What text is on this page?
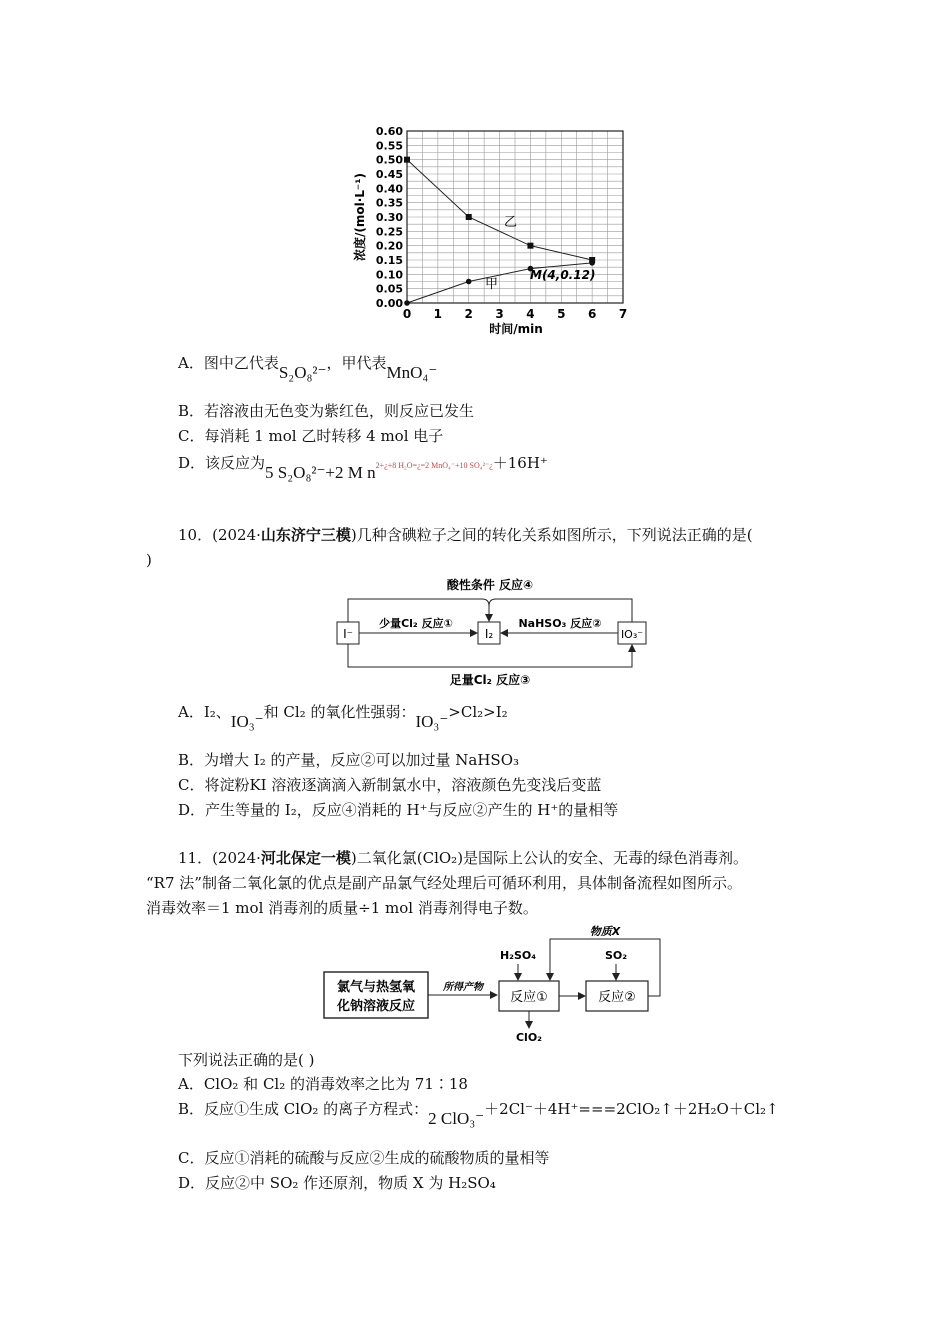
0 1 2 3 4 5 6 7
0.00
0.05
0.10
0.15
0.20
0.25
0.30
0.35
0.40
0.45
0.50
0.55
0.60
浓度/(mol·L⁻¹)
时间/min
乙
甲
M(4,0.12)
A．图中乙代表S₂O₈²⁻，甲代表MnO₄⁻
B．若溶液由无色变为紫红色，则反应已发生
C．每消耗 1 mol 乙时转移 4 mol 电子
D．该反应为5 S₂O₈²⁻+2 M n2+¿+8 H₂O=¿=2 MnO₄⁻+10 SO₄²⁻¿＋16H⁺
10．(2024·山东济宁三模)几种含碘粒子之间的转化关系如图所示，下列说法正确的是(
)
酸性条件 反应④
I⁻	I₂	IO₃⁻
少量Cl₂ 反应①	NaHSO₃ 反应②
足量Cl₂ 反应③
A．I₂、IO₃⁻和 Cl₂ 的氧化性强弱：IO₃⁻>Cl₂>I₂
B．为增大 I₂ 的产量，反应②可以加过量 NaHSO₃
C．将淀粉KI 溶液逐滴滴入新制氯水中，溶液颜色先变浅后变蓝
D．产生等量的 I₂，反应④消耗的 H⁺与反应②产生的 H⁺的量相等
11．(2024·河北保定一模)二氧化氯(ClO₂)是国际上公认的安全、无毒的绿色消毒剂。
“R7 法”制备二氧化氯的优点是副产品氯气经处理后可循环利用，具体制备流程如图所示。
消毒效率＝1 mol 消毒剂的质量÷1 mol 消毒剂得电子数。
氯气与热氢氧
化钠溶液反应
所得产物
反应①
H₂SO₄
ClO₂
反应②
SO₂
物质X
下列说法正确的是( )
A．ClO₂ 和 Cl₂ 的消毒效率之比为 71∶18
B．反应①生成 ClO₂ 的离子方程式：2 ClO₃⁻＋2Cl⁻＋4H⁺===2ClO₂↑＋2H₂O＋Cl₂↑
C．反应①消耗的硫酸与反应②生成的硫酸物质的量相等
D．反应②中 SO₂ 作还原剂，物质 X 为 H₂SO₄
